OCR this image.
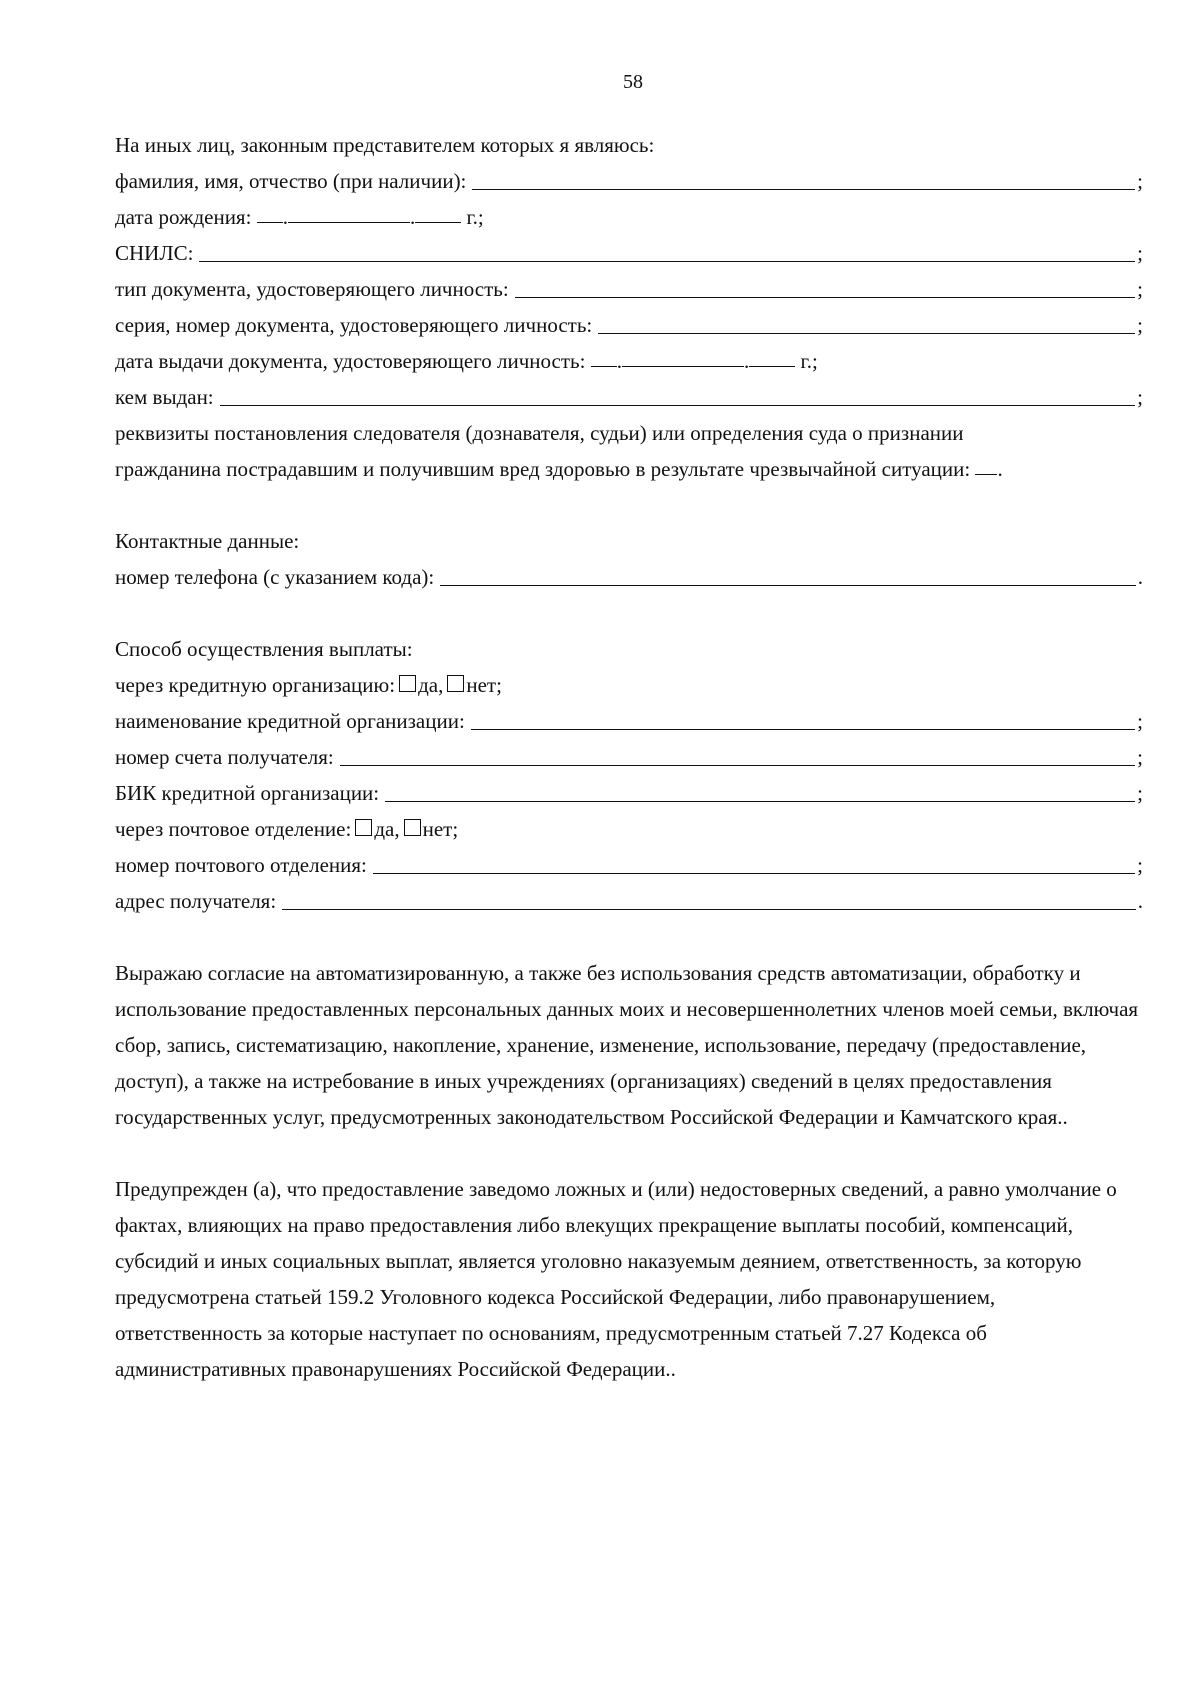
58
На иных лиц, законным представителем которых я являюсь:
фамилия, имя, отчество (при наличии):	;
дата рождения:
.	.
г.;
СНИЛС:	;
тип документа, удостоверяющего личность:	;
серия, номер документа, удостоверяющего личность:	;
дата выдачи документа, удостоверяющего личность:
.	.
г.;
кем выдан:	;
реквизиты постановления следователя (дознавателя, судьи) или определения суда о признании
гражданина пострадавшим и получившим вред здоровью в результате чрезвычайной ситуации:
.
Контактные данные:
номер телефона (с указанием кода):	.
Способ осуществления выплаты:
через кредитную организацию: да, нет;
наименование кредитной организации:	;
номер счета получателя:	;
БИК кредитной организации:	;
через почтовое отделение: да, нет;
номер почтового отделения:	;
адрес получателя:	.
Выражаю согласие на автоматизированную, а также без использования средств автоматизации, обработку и использование предоставленных персональных данных моих и несовершеннолетних членов моей семьи, включая сбор, запись, систематизацию, накопление, хранение, изменение, использование, передачу (предоставление, доступ), а также на истребование в иных учреждениях (организациях) сведений в целях предоставления государственных услуг, предусмотренных законодательством Российской Федерации и Камчатского края..
Предупрежден (а), что предоставление заведомо ложных и (или) недостоверных сведений, а равно умолчание о фактах, влияющих на право предоставления либо влекущих прекращение выплаты пособий, компенсаций, субсидий и иных социальных выплат, является уголовно наказуемым деянием, ответственность, за которую предусмотрена статьей 159.2 Уголовного кодекса Российской Федерации, либо правонарушением, ответственность за которые наступает по основаниям, предусмотренным статьей 7.27 Кодекса об административных правонарушениях Российской Федерации..
